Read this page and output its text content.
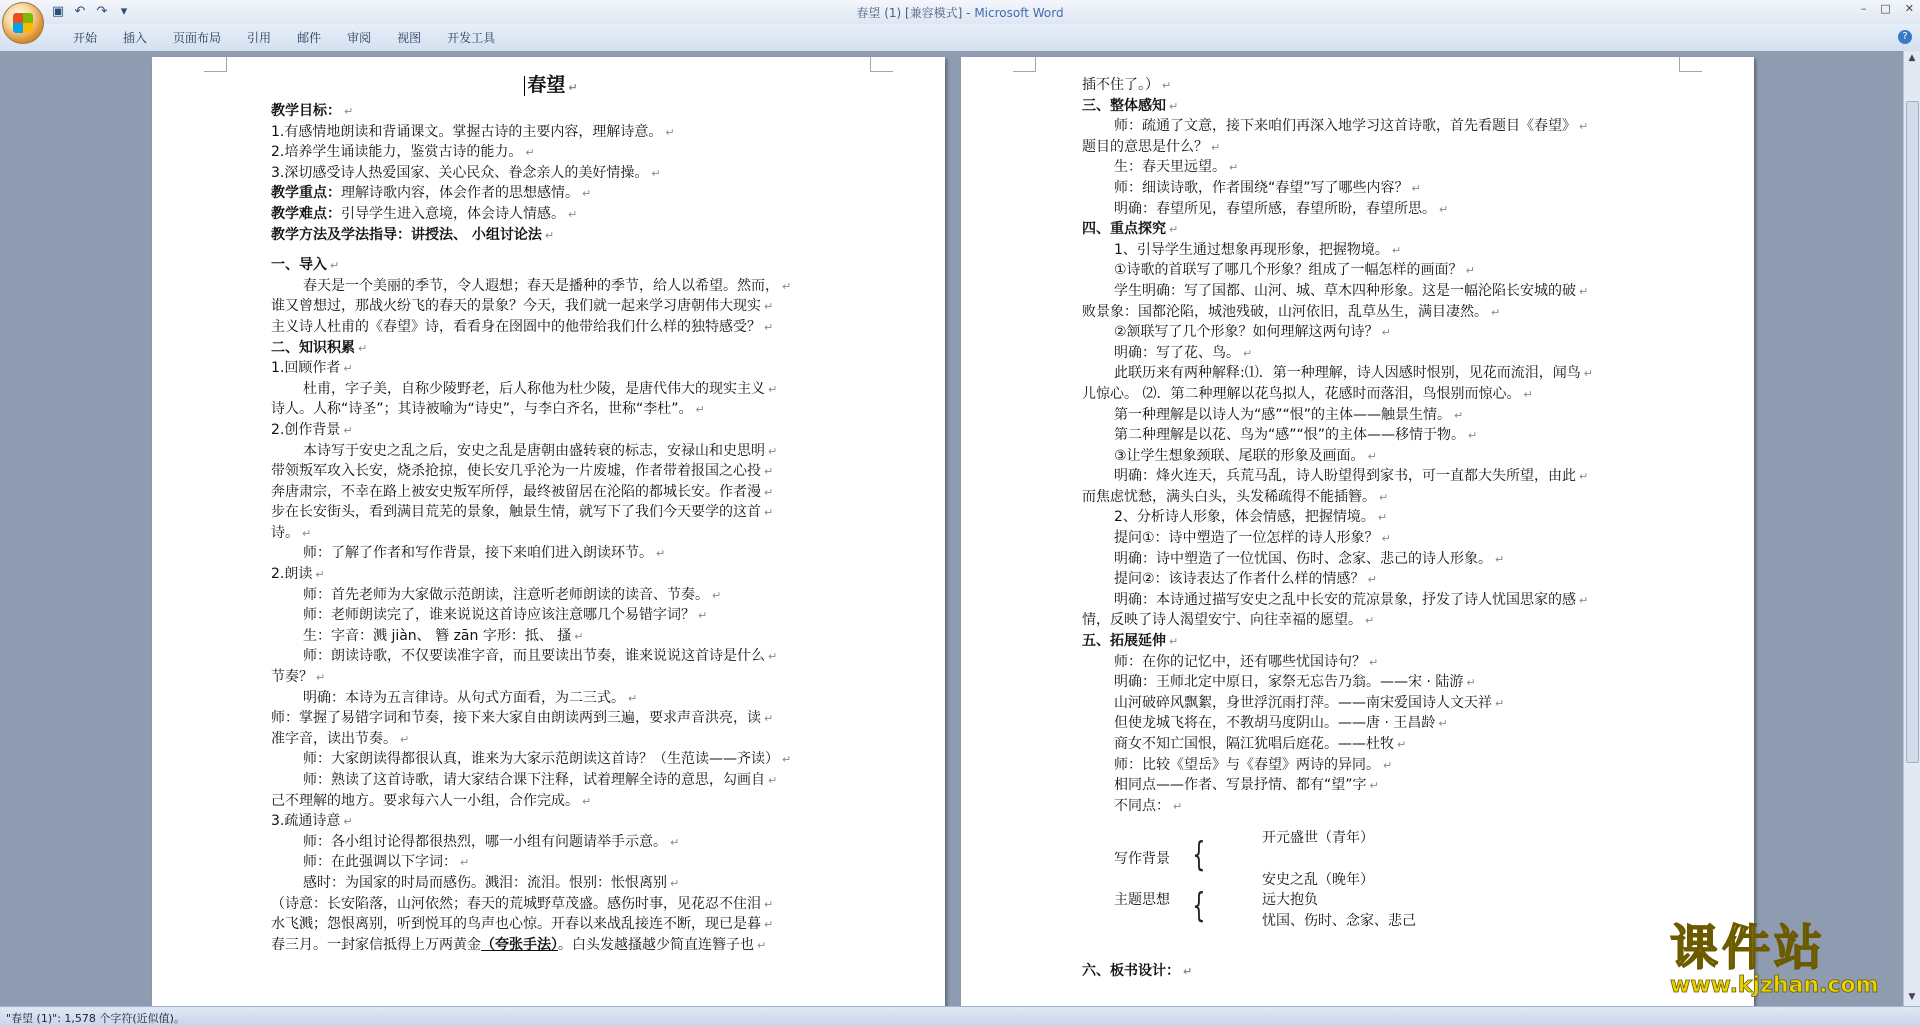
▣ ↶ ↷	▾	春望 (1) [兼容模式] - Microsoft Word	– □ ✕
开始	插入	页面布局	引用	邮件	审阅	视图	开发工具	?
春望 ↵
教学目标： ↵
1.有感情地朗读和背诵课文。掌握古诗的主要内容，理解诗意。 ↵
2.培养学生诵读能力，鉴赏古诗的能力。 ↵
3.深切感受诗人热爱国家、关心民众、眷念亲人的美好情操。 ↵
教学重点：理解诗歌内容，体会作者的思想感情。 ↵
教学难点：引导学生进入意境，体会诗人情感。 ↵
教学方法及学法指导：讲授法、 小组讨论法 ↵
一、导入 ↵
春天是一个美丽的季节，令人遐想；春天是播种的季节，给人以希望。然而， ↵
谁又曾想过，那战火纷飞的春天的景象？今天，我们就一起来学习唐朝伟大现实 ↵
主义诗人杜甫的《春望》诗，看看身在囹圄中的他带给我们什么样的独特感受？ ↵
二、知识积累 ↵
1.回顾作者 ↵
杜甫，字子美，自称少陵野老，后人称他为杜少陵，是唐代伟大的现实主义 ↵
诗人。人称“诗圣”；其诗被喻为“诗史”，与李白齐名，世称“李杜”。 ↵
2.创作背景 ↵
本诗写于安史之乱之后，安史之乱是唐朝由盛转衰的标志，安禄山和史思明 ↵
带领叛军攻入长安，烧杀抢掠，使长安几乎沦为一片废墟，作者带着报国之心投 ↵
奔唐肃宗，不幸在路上被安史叛军所俘，最终被留居在沦陷的都城长安。作者漫 ↵
步在长安街头，看到满目荒芜的景象，触景生情，就写下了我们今天要学的这首 ↵
诗。 ↵
师：了解了作者和写作背景，接下来咱们进入朗读环节。 ↵
2.朗读 ↵
师：首先老师为大家做示范朗读，注意听老师朗读的读音、节奏。 ↵
师：老师朗读完了，谁来说说这首诗应该注意哪几个易错字词？ ↵
生：字音：溅 jiàn、 簪 zān 字形：抵、 搔 ↵
师：朗读诗歌，不仅要读准字音，而且要读出节奏，谁来说说这首诗是什么 ↵
节奏？ ↵
明确：本诗为五言律诗。从句式方面看，为二三式。 ↵
师：掌握了易错字词和节奏，接下来大家自由朗读两到三遍，要求声音洪亮，读 ↵
准字音，读出节奏。 ↵
师：大家朗读得都很认真，谁来为大家示范朗读这首诗？（生范读——齐读） ↵
师：熟读了这首诗歌，请大家结合课下注释，试着理解全诗的意思，勾画自 ↵
己不理解的地方。要求每六人一小组，合作完成。 ↵
3.疏通诗意 ↵
师：各小组讨论得都很热烈，哪一小组有问题请举手示意。 ↵
师：在此强调以下字词： ↵
感时：为国家的时局而感伤。溅泪：流泪。恨别：怅恨离别 ↵
（诗意：长安陷落，山河依然；春天的荒城野草茂盛。感伤时事，见花忍不住泪 ↵
水飞溅；怨恨离别，听到悦耳的鸟声也心惊。开春以来战乱接连不断，现已是暮 ↵
春三月。一封家信抵得上万两黄金（夸张手法）。白头发越搔越少简直连簪子也 ↵
插不住了。） ↵
三、整体感知 ↵
师：疏通了文意，接下来咱们再深入地学习这首诗歌，首先看题目《春望》 ↵
题目的意思是什么？ ↵
生：春天里远望。 ↵
师：细读诗歌，作者围绕“春望”写了哪些内容？ ↵
明确：春望所见，春望所感，春望所盼，春望所思。 ↵
四、重点探究 ↵
1、引导学生通过想象再现形象，把握物境。 ↵
①诗歌的首联写了哪几个形象？组成了一幅怎样的画面？ ↵
学生明确：写了国都、山河、城、草木四种形象。这是一幅沦陷长安城的破 ↵
败景象：国都沦陷，城池残破，山河依旧，乱草丛生，满目凄然。 ↵
②颔联写了几个形象？如何理解这两句诗？ ↵
明确：写了花、鸟。 ↵
此联历来有两种解释:⑴．第一种理解，诗人因感时恨别，见花而流泪，闻鸟 ↵
儿惊心。 ⑵．第二种理解以花鸟拟人，花感时而落泪，鸟恨别而惊心。 ↵
第一种理解是以诗人为“感”“恨”的主体——触景生情。 ↵
第二种理解是以花、鸟为“感”“恨”的主体——移情于物。 ↵
③让学生想象颈联、尾联的形象及画面。 ↵
明确：烽火连天，兵荒马乱，诗人盼望得到家书，可一直都大失所望，由此 ↵
而焦虑忧愁，满头白头，头发稀疏得不能插簪。 ↵
2、分析诗人形象，体会情感，把握情境。 ↵
提问①：诗中塑造了一位怎样的诗人形象？ ↵
明确：诗中塑造了一位忧国、伤时、念家、悲己的诗人形象。 ↵
提问②：该诗表达了作者什么样的情感？ ↵
明确：本诗通过描写安史之乱中长安的荒凉景象，抒发了诗人忧国思家的感 ↵
情，反映了诗人渴望安宁、向往幸福的愿望。 ↵
五、拓展延伸 ↵
师：在你的记忆中，还有哪些忧国诗句？ ↵
明确：王师北定中原日，家祭无忘告乃翁。——宋 · 陆游 ↵
山河破碎风飘絮，身世浮沉雨打萍。——南宋爱国诗人文天祥 ↵
但使龙城飞将在，不教胡马度阴山。——唐 · 王昌龄 ↵
商女不知亡国恨，隔江犹唱后庭花。——杜牧 ↵
师：比较《望岳》与《春望》两诗的异同。 ↵
相同点——作者、写景抒情、都有“望”字 ↵
不同点： ↵
开元盛世（青年）
写作背景 {
安史之乱（晚年）
主题思想 {	远大抱负
忧国、伤时、念家、悲己
六、板书设计： ↵
▲
▼
"春望 (1)": 1,578 个字符(近似值)。
课件站
www.kjzhan.com
